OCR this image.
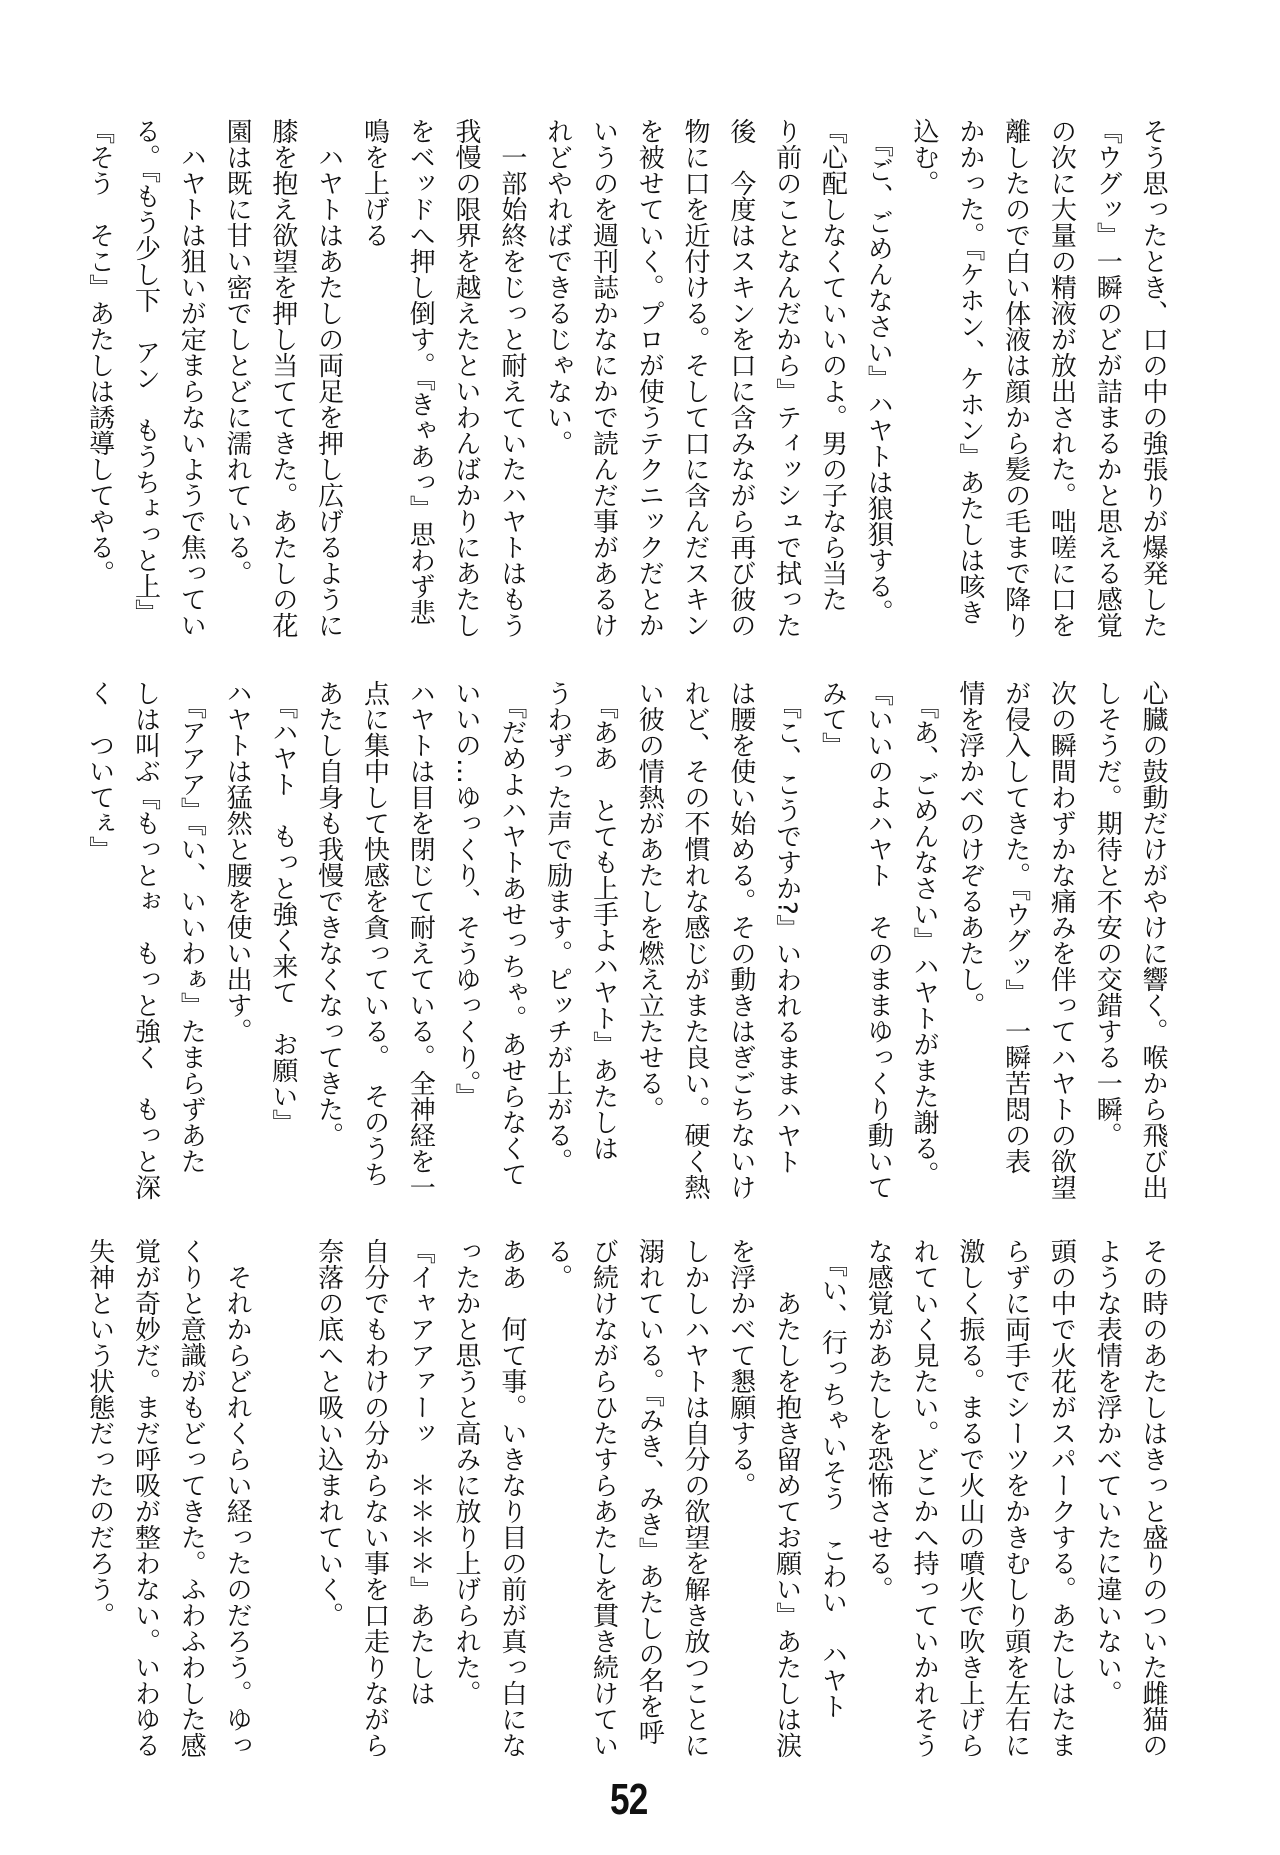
そう思ったとき、口の中の強張りが爆発した
『ウグッ』一瞬のどが詰まるかと思える感覚
の次に大量の精液が放出された。咄嗟に口を
離したので白い体液は顔から髪の毛まで降り
かかった。『ケホン、ケホン』あたしは咳き
込む。
　『ご、ごめんなさい』ハヤトは狼狽する。
『心配しなくていいのよ。男の子なら当た
り前のことなんだから』ティッシュで拭った
後　今度はスキンを口に含みながら再び彼の
物に口を近付ける。そして口に含んだスキン
を被せていく。プロが使うテクニックだとか
いうのを週刊誌かなにかで読んだ事があるけ
れどやればできるじゃない。
　一部始終をじっと耐えていたハヤトはもう
我慢の限界を越えたといわんばかりにあたし
をベッドへ押し倒す。『きゃあっ』思わず悲
鳴を上げる
　ハヤトはあたしの両足を押し広げるように
膝を抱え欲望を押し当ててきた。あたしの花
園は既に甘い密でしとどに濡れている。
　ハヤトは狙いが定まらないようで焦ってい
る。『もう少し下　アン　もうちょっと上』
『そう　そこ』あたしは誘導してやる。
心臓の鼓動だけがやけに響く。喉から飛び出
しそうだ。期待と不安の交錯する一瞬。
次の瞬間わずかな痛みを伴ってハヤトの欲望
が侵入してきた。『ウグッ』　一瞬苦悶の表
情を浮かべのけぞるあたし。
　『あ、ごめんなさい』ハヤトがまた謝る。
『いいのよハヤト　そのままゆっくり動いて
みて』
　『こ、こうですか?』いわれるままハヤト
は腰を使い始める。その動きはぎごちないけ
れど、その不慣れな感じがまた良い。硬く熱
い彼の情熱があたしを燃え立たせる。
　『ああ　とても上手よハヤト』あたしは
うわずった声で励ます。ピッチが上がる。
　『だめよハヤトあせっちゃ。あせらなくて
いいの…ゆっくり、そうゆっくり。』
ハヤトは目を閉じて耐えている。全神経を一
点に集中して快感を貪っている。　そのうち
あたし自身も我慢できなくなってきた。
　『ハヤト　もっと強く来て　お願い』
ハヤトは猛然と腰を使い出す。
　『アアア』『い、いいわぁ』たまらずあた
しは叫ぶ『もっとぉ　もっと強く　もっと深
く　ついてぇ』
その時のあたしはきっと盛りのついた雌猫の
ような表情を浮かべていたに違いない。
頭の中で火花がスパークする。あたしはたま
らずに両手でシーツをかきむしり頭を左右に
激しく振る。まるで火山の噴火で吹き上げら
れていく見たい。どこかへ持っていかれそう
な感覚があたしを恐怖させる。
　『い、行っちゃいそう　こわい　ハヤト
　　あたしを抱き留めてお願い』あたしは涙
を浮かべて懇願する。
しかしハヤトは自分の欲望を解き放つことに
溺れている。『みき、みき』あたしの名を呼
び続けながらひたすらあたしを貫き続けてい
る。
ああ　何て事。いきなり目の前が真っ白にな
ったかと思うと高みに放り上げられた。
『イャアアァーッ　＊＊＊＊』あたしは
自分でもわけの分からない事を口走りながら
奈落の底へと吸い込まれていく。

　それからどれくらい経ったのだろう。ゆっ
くりと意識がもどってきた。ふわふわした感
覚が奇妙だ。まだ呼吸が整わない。いわゆる
失神という状態だったのだろう。
52
